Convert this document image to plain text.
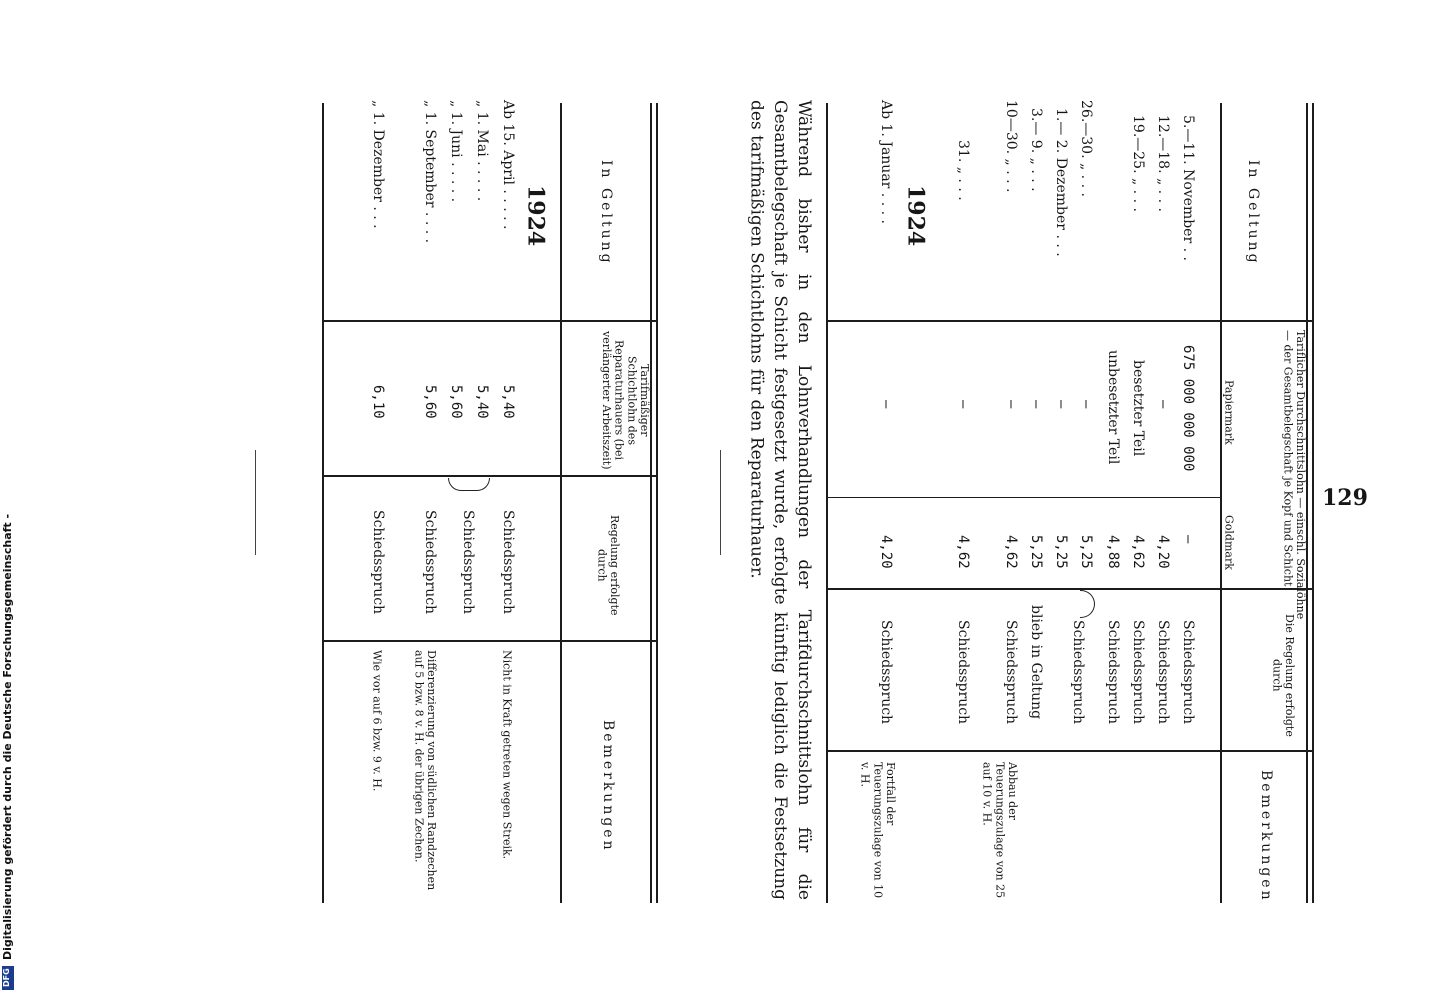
129
In Geltung
Tariflicher Durchschnittslohn — einschl. Sozialöhne — der Gesamtbelegschaft je Kopf und Schicht
Papiermark
Goldmark
Die Regelung erfolgte durch
Bemerkungen
5.—11. November . .
675 000 000 000
—
Schiedsspruch
12.—18. „ . . .
—
4,20
Schiedsspruch
19.—25. „ . . .
besetzter Teil
4,62
Schiedsspruch
unbesetzter Teil
4,88
Schiedsspruch
26.—30. „ . . .
—
5,25
Schiedsspruch
1.— 2. Dezember . . .
—
5,25
3.— 9. „ . . .
—
5,25
blieb in Geltung
10—30. „ . . .
—
4,62
Schiedsspruch
Abbau der Teuerungszulage von 25 auf 10 v. H.
31. „ . . .
—
4,62
Schiedsspruch
1924
Ab 1. Januar . . . .
—
4,20
Schiedsspruch
Fortfall der Teuerungszulage von 10 v. H.
Während bisher in den Lohnverhandlungen der Tarifdurchschnittslohn für die Gesamtbelegschaft je Schicht festgesetzt wurde, erfolgte künftig lediglich die Festsetzung des tarifmäßigen Schichtlohns für den Reparaturhauer.
In Geltung
Tarifmäßiger Schichtlohn des Reparaturhauers (bei verlängerter Arbeitszeit)
Regelung erfolgte durch
Bemerkungen
1924
Ab 15. April . . . . .
5,40
Schiedsspruch
Nicht in Kraft getreten wegen Streik.
„ 1. Mai . . . . .
5,40
Schiedsspruch
„ 1. Juni . . . . .
5,60
„ 1. September . . . .
5,60
Schiedsspruch
Differenzierung von südlichen Randzechen auf 5 bzw. 8 v. H. der übrigen Zechen.
„ 1. Dezember . . .
6,10
Schiedsspruch
Wie vor auf 6 bzw. 9 v. H.
Digitalisierung gefördert durch die Deutsche Forschungsgemeinschaft -
DFG
